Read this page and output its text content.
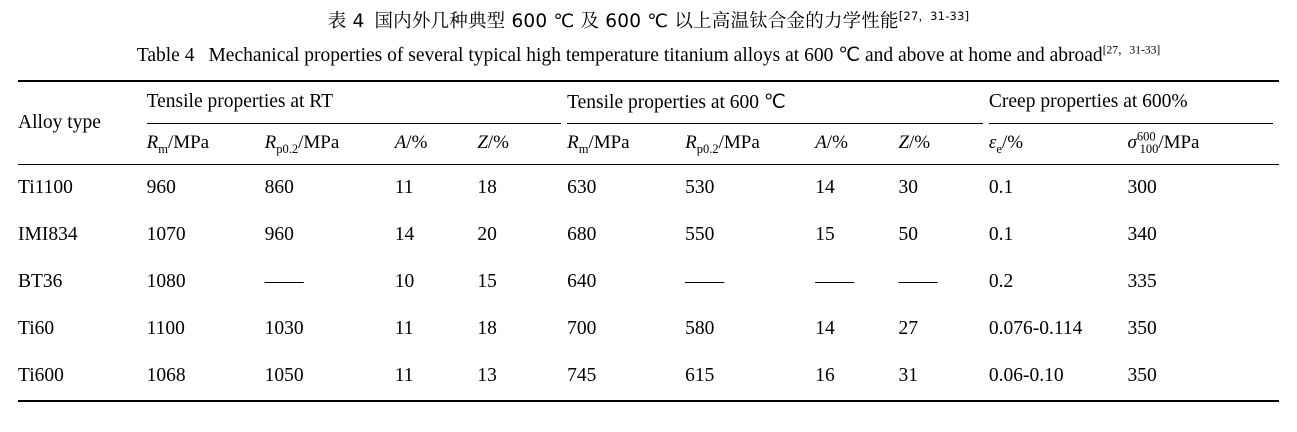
表 4 国内外几种典型 600 ℃ 及 600 ℃ 以上高温钛合金的力学性能[27，31-33]
Table 4 Mechanical properties of several typical high temperature titanium alloys at 600 ℃ and above at home and abroad[27，31-33]
Alloy type	Tensile properties at RT				Tensile properties at 600 ℃				Creep properties at 600%	

	$R_m$/MPa	$R_{p0.2}$/MPa	A/%	Z/%	$R_m$/MPa	$R_{p0.2}$/MPa	A/%	Z/%	$\varepsilon_e/\%$	$\sigma^{600}_{100}$/MPa
Ti1100	960	860	11	18	630	530	14	30	0.1	300
IMI834	1070	960	14	20	680	550	15	50	0.1	340
BT36	1080	——	10	15	640	——	——	——	0.2	335
Ti60	1100	1030	11	18	700	580	14	27	0.076-0.114	350
Ti600	1068	1050	11	13	745	615	16	31	0.06-0.10	350
